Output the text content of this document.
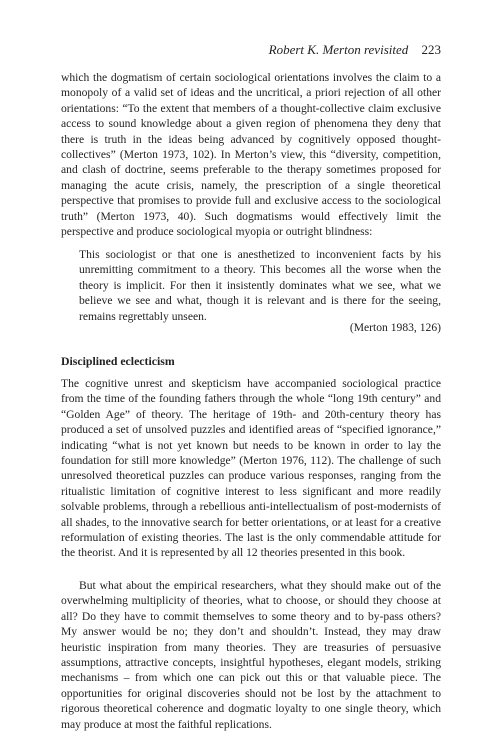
Robert K. Merton revisited 223

which the dogmatism of certain sociological orientations involves the claim to a monopoly of a valid set of ideas and the uncritical, a priori rejection of all other orientations: “To the extent that members of a thought-collective claim exclusive access to sound knowledge about a given region of phenomena they deny that there is truth in the ideas being advanced by cognitively opposed thought-collectives” (Merton 1973, 102). In Merton’s view, this “diversity, competition, and clash of doctrine, seems preferable to the therapy sometimes proposed for managing the acute crisis, namely, the prescription of a single theoretical perspective that promises to provide full and exclusive access to the sociological truth” (Merton 1973, 40). Such dogmatisms would effectively limit the perspective and produce sociological myopia or outright blindness:

This sociologist or that one is anesthetized to inconvenient facts by his unremitting commitment to a theory. This becomes all the worse when the theory is implicit. For then it insistently dominates what we see, what we believe we see and what, though it is relevant and is there for the seeing, remains regrettably unseen.

(Merton 1983, 126)
Disciplined eclecticism

The cognitive unrest and skepticism have accompanied sociological practice from the time of the founding fathers through the whole “long 19th century” and “Golden Age” of theory. The heritage of 19th- and 20th-century theory has produced a set of unsolved puzzles and identified areas of “specified ignorance,” indicating “what is not yet known but needs to be known in order to lay the foundation for still more knowledge” (Merton 1976, 112). The challenge of such unresolved theoretical puzzles can produce various responses, ranging from the ritualistic limitation of cognitive interest to less significant and more readily solvable problems, through a rebellious anti-intellectualism of post-modernists of all shades, to the innovative search for better orientations, or at least for a creative reformulation of existing theories. The last is the only commendable attitude for the theorist. And it is represented by all 12 theories presented in this book.

But what about the empirical researchers, what they should make out of the overwhelming multiplicity of theories, what to choose, or should they choose at all? Do they have to commit themselves to some theory and to by-pass others? My answer would be no; they don’t and shouldn’t. Instead, they may draw heuristic inspiration from many theories. They are treasuries of persuasive assumptions, attractive concepts, insightful hypotheses, elegant models, striking mechanisms – from which one can pick out this or that valuable piece. The opportunities for original discoveries should not be lost by the attachment to rigorous theoretical coherence and dogmatic loyalty to one single theory, which may produce at most the faithful replications.
